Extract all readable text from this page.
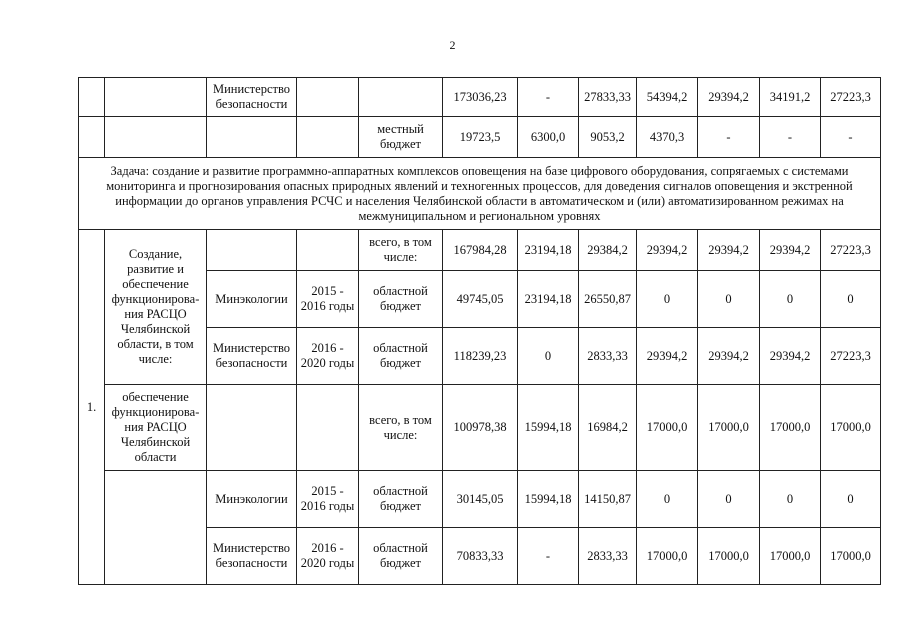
2
		Министерство безопасности			173036,23	-	27833,33	54394,2	29394,2	34191,2	27223,3
				местный бюджет	19723,5	6300,0	9053,2	4370,3	-	-	-
Задача: создание и развитие программно-аппаратных комплексов оповещения на базе цифрового оборудования, сопрягаемых с системами мониторинга и прогнозирования опасных природных явлений и техногенных процессов, для доведения сигналов оповещения и экстренной информации до органов управления РСЧС и населения Челябинской области в автоматическом и (или) автоматизированном режимах на межмуниципальном и региональном уровнях											
1.	Создание, развитие и обеспечение функционирова-ния РАСЦО Челябинской области, в том числе:			всего, в том числе:	167984,28	23194,18	29384,2	29394,2	29394,2	29394,2	27223,3
		Минэкологии	2015 - 2016 годы	областной бюджет	49745,05	23194,18	26550,87	0	0	0	0
		Министерство безопасности	2016 - 2020 годы	областной бюджет	118239,23	0	2833,33	29394,2	29394,2	29394,2	27223,3
	обеспечение функционирова-ния РАСЦО Челябинской области			всего, в том числе:	100978,38	15994,18	16984,2	17000,0	17000,0	17000,0	17000,0
		Минэкологии	2015 - 2016 годы	областной бюджет	30145,05	15994,18	14150,87	0	0	0	0
		Министерство безопасности	2016 - 2020 годы	областной бюджет	70833,33	-	2833,33	17000,0	17000,0	17000,0	17000,0
